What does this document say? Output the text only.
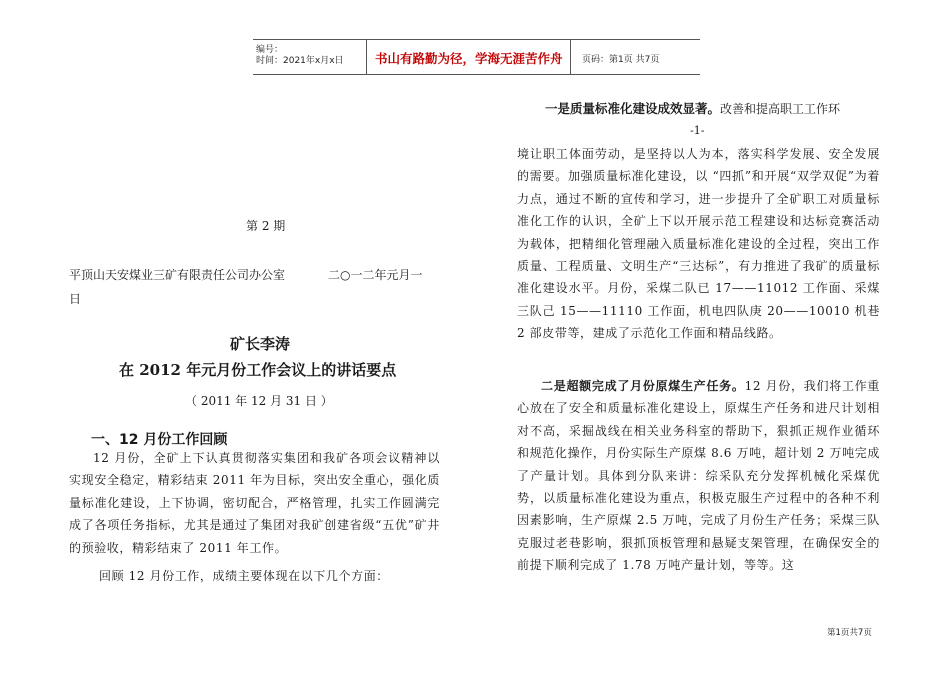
编号：
时间：2021年x月x日	书山有路勤为径，学海无涯苦作舟 页码：第1页 共7页
第 2 期
平顶山天安煤业三矿有限责任公司办公室	二○一二年元月一
日
矿长李涛
在 2012 年元月份工作会议上的讲话要点
（ 2011 年 12 月 31 日 ）
一、12 月份工作回顾
12 月份，全矿上下认真贯彻落实集团和我矿各项会议精神以实现安全稳定，精彩结束 2011 年为目标，突出安全重心，强化质量标准化建设，上下协调，密切配合，严格管理，扎实工作圆满完成了各项任务指标，尤其是通过了集团对我矿创建省级“五优”矿井的预验收，精彩结束了 2011 年工作。
回顾 12 月份工作，成绩主要体现在以下几个方面：
一是质量标准化建设成效显著。改善和提高职工工作环
-1-
境让职工体面劳动，是坚持以人为本，落实科学发展、安全发展的需要。加强质量标准化建设，以 “四抓”和开展“双学双促”为着力点，通过不断的宣传和学习，进一步提升了全矿职工对质量标准化工作的认识，全矿上下以开展示范工程建设和达标竞赛活动为载体，把精细化管理融入质量标准化建设的全过程，突出工作质量、工程质量、文明生产“三达标”，有力推进了我矿的质量标准化建设水平。月份，采煤二队已 17——11012 工作面、采煤三队己 15——11110 工作面，机电四队庚 20——10010 机巷 2 部皮带等，建成了示范化工作面和精品线路。
二是超额完成了月份原煤生产任务。12 月份，我们将工作重心放在了安全和质量标准化建设上，原煤生产任务和进尺计划相对不高，采掘战线在相关业务科室的帮助下，狠抓正规作业循环和规范化操作，月份实际生产原煤 8.6 万吨，超计划 2 万吨完成了产量计划。具体到分队来讲：综采队充分发挥机械化采煤优势，以质量标准化建设为重点，积极克服生产过程中的各种不利因素影响，生产原煤 2.5 万吨，完成了月份生产任务；采煤三队克服过老巷影响，狠抓顶板管理和悬疑支架管理，在确保安全的前提下顺利完成了 1.78 万吨产量计划，等等。这
第1页共7页
